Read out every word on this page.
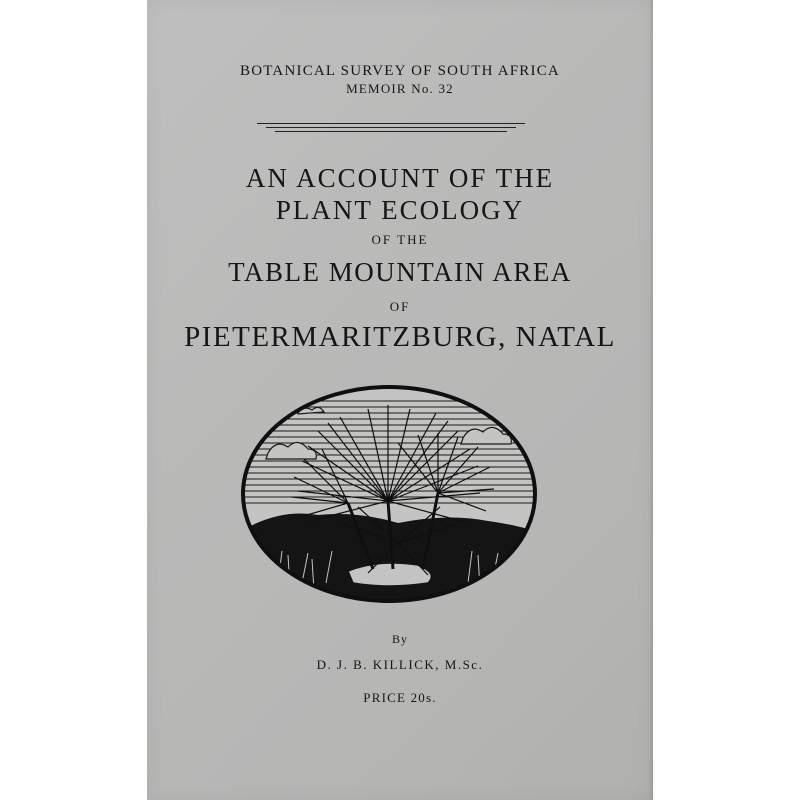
BOTANICAL SURVEY OF SOUTH AFRICA
MEMOIR No. 32
AN ACCOUNT OF THE
PLANT ECOLOGY
OF THE
TABLE MOUNTAIN AREA
OF
PIETERMARITZBURG, NATAL
By
D. J. B. KILLICK, M.Sc.
PRICE 20s.
